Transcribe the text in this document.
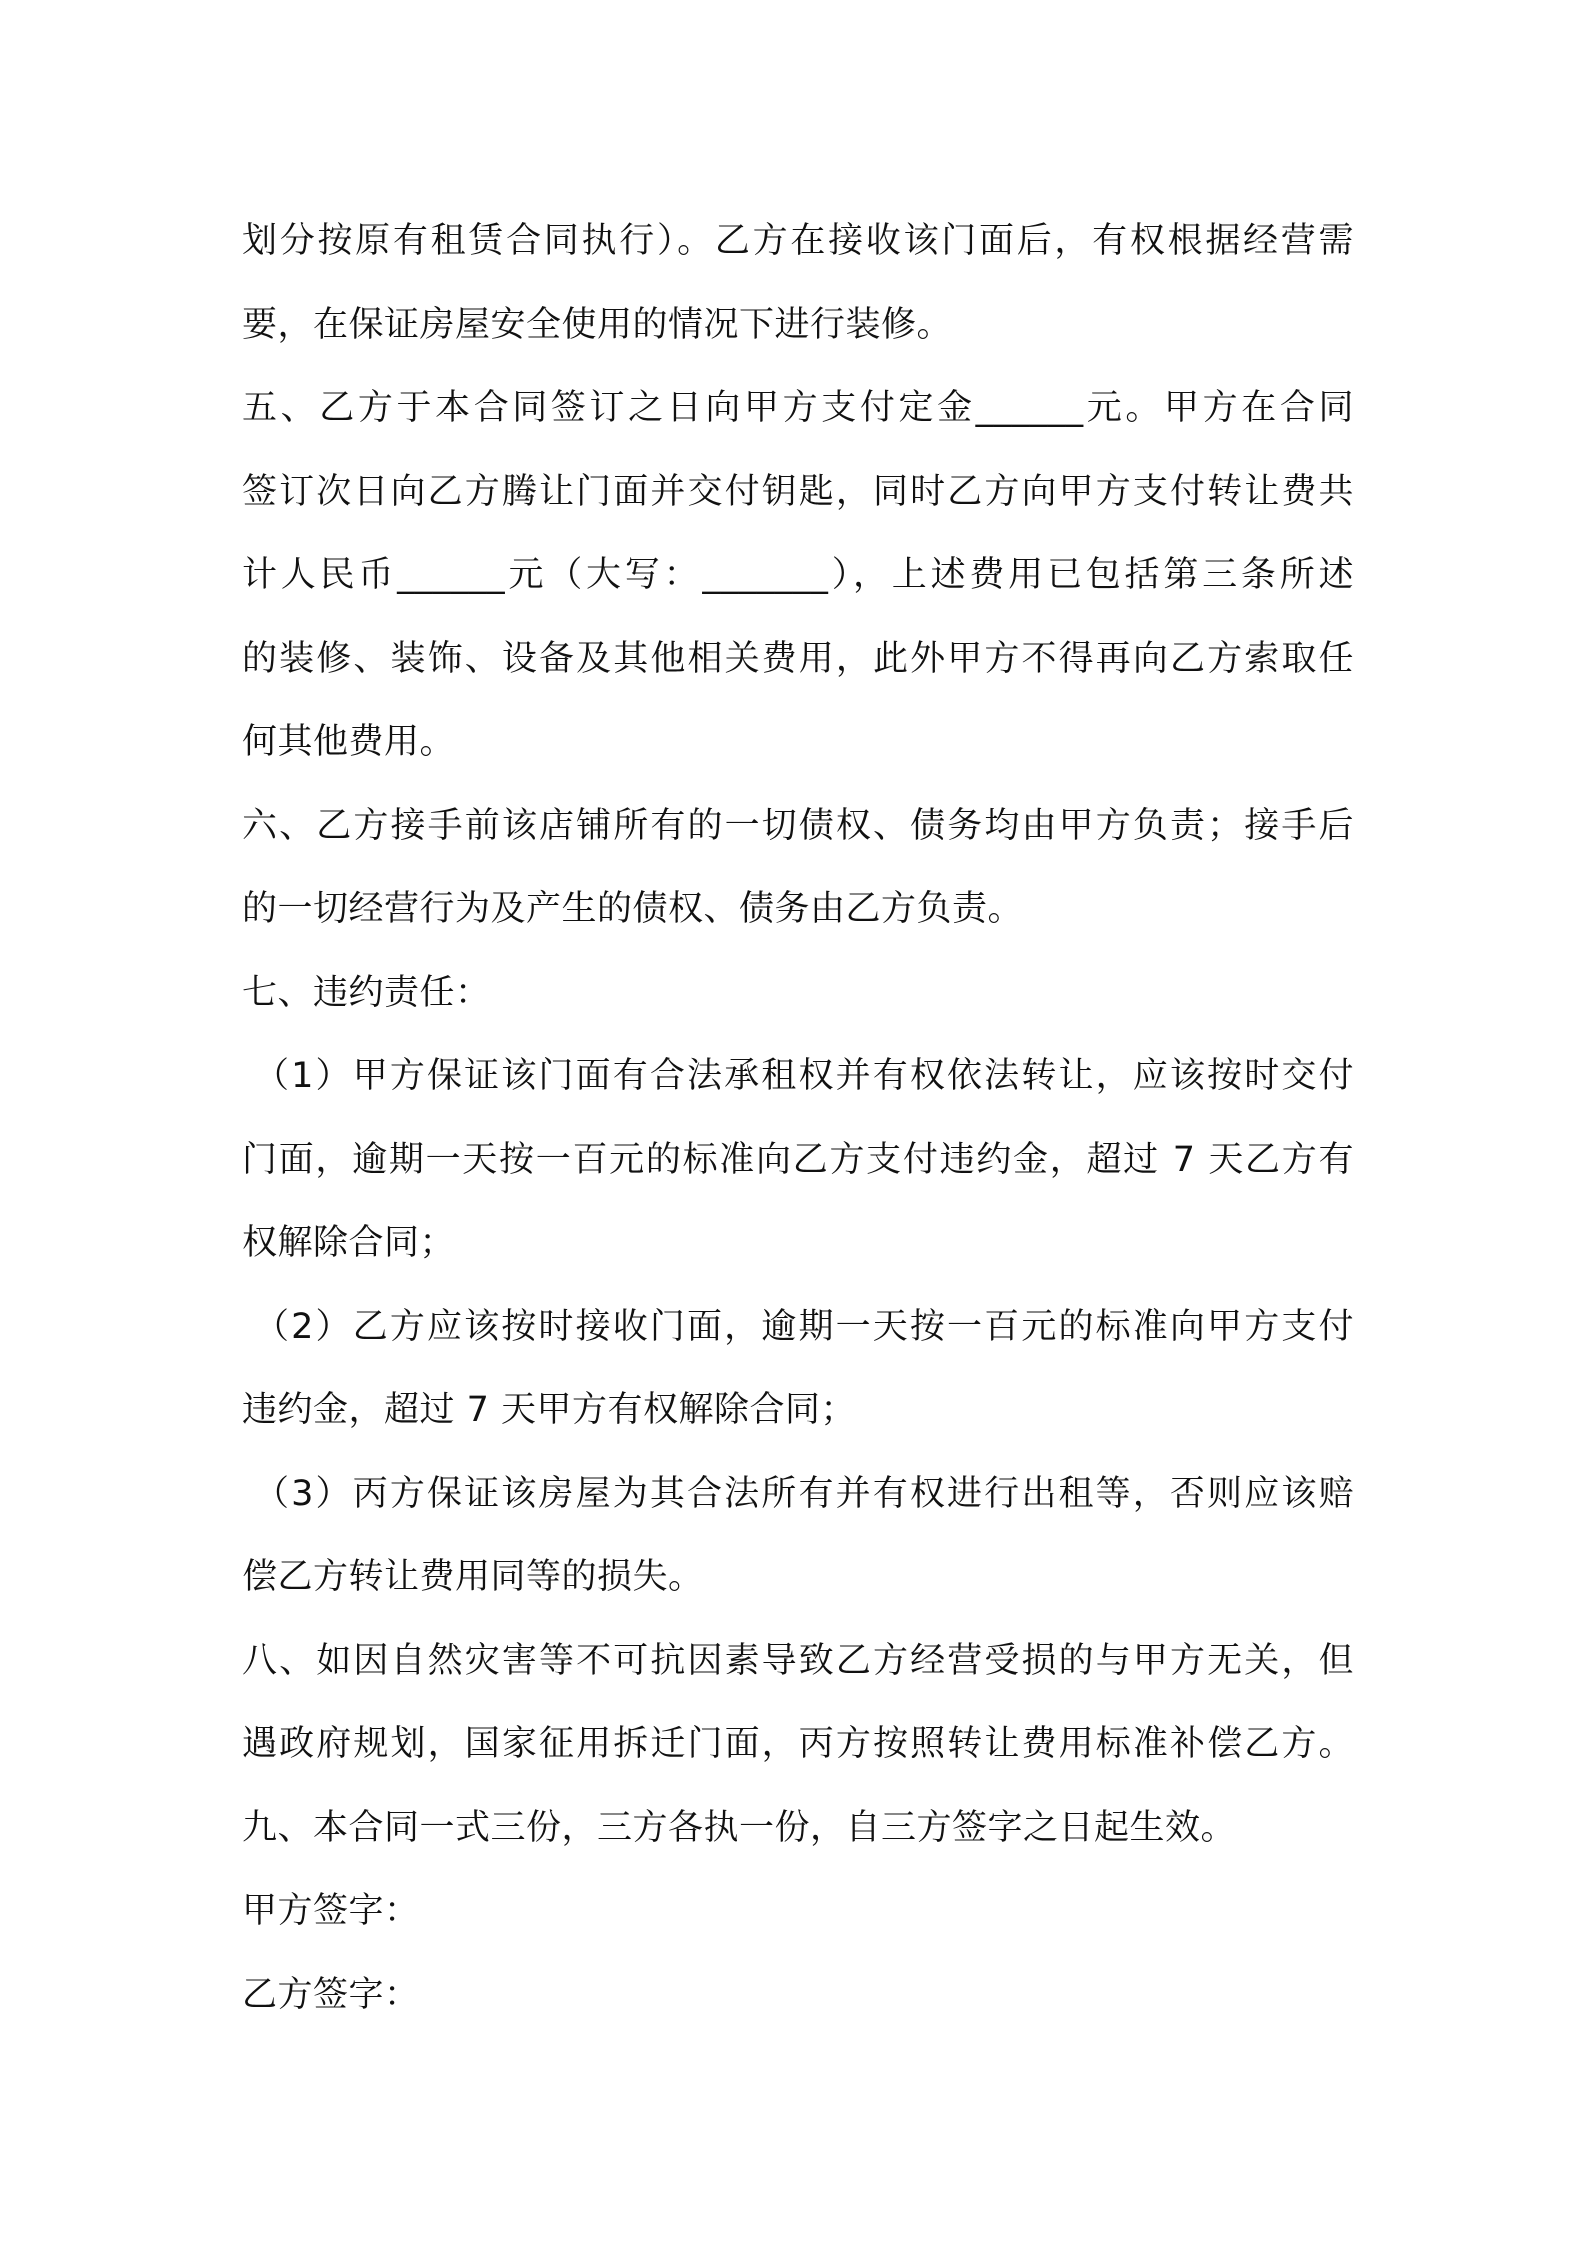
划分按原有租赁合同执行）。乙方在接收该门面后，有权根据经营需
要，在保证房屋安全使用的情况下进行装修。
五、乙方于本合同签订之日向甲方支付定金______元。甲方在合同
签订次日向乙方腾让门面并交付钥匙，同时乙方向甲方支付转让费共
计人民币______元（大写：_______），上述费用已包括第三条所述
的装修、装饰、设备及其他相关费用，此外甲方不得再向乙方索取任
何其他费用。
六、乙方接手前该店铺所有的一切债权、债务均由甲方负责；接手后
的一切经营行为及产生的债权、债务由乙方负责。
七、违约责任：
（1）甲方保证该门面有合法承租权并有权依法转让，应该按时交付
门面，逾期一天按一百元的标准向乙方支付违约金，超过 7 天乙方有
权解除合同；
（2）乙方应该按时接收门面，逾期一天按一百元的标准向甲方支付
违约金，超过 7 天甲方有权解除合同；
（3）丙方保证该房屋为其合法所有并有权进行出租等，否则应该赔
偿乙方转让费用同等的损失。
八、如因自然灾害等不可抗因素导致乙方经营受损的与甲方无关，但
遇政府规划，国家征用拆迁门面，丙方按照转让费用标准补偿乙方。
九、本合同一式三份，三方各执一份，自三方签字之日起生效。
甲方签字：
乙方签字：
